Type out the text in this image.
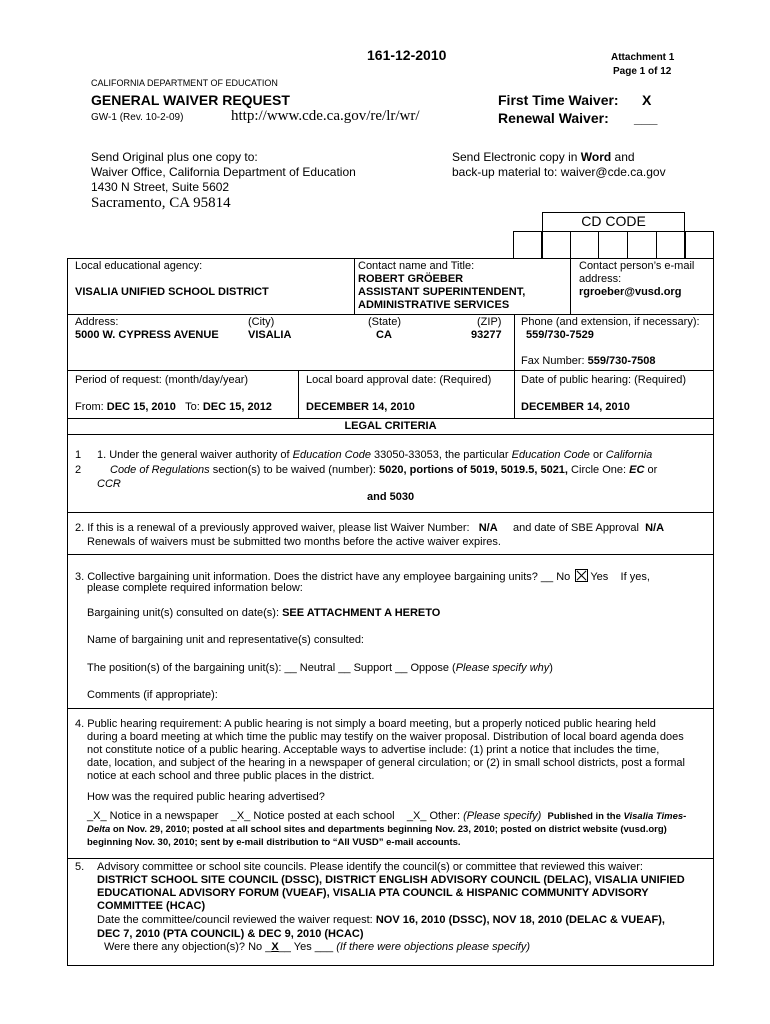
161-12-2010	Attachment 1
Page 1 of 12
CALIFORNIA DEPARTMENT OF EDUCATION
GENERAL WAIVER REQUEST
GW-1 (Rev. 10-2-09)	http://www.cde.ca.gov/re/lr/wr/
First Time Waiver: X
Renewal Waiver: ___
Send Original plus one copy to:
Waiver Office, California Department of Education
1430 N Street, Suite 5602
Sacramento, CA 95814
Send Electronic copy in Word and
back-up material to: waiver@cde.ca.gov
CD CODE
Local educational agency:
VISALIA UNIFIED SCHOOL DISTRICT
Contact name and Title:
ROBERT GRÖEBER
ASSISTANT SUPERINTENDENT,
ADMINISTRATIVE SERVICES
Contact person’s e-mail
address:
rgroeber@vusd.org
Address:
5000 W. CYPRESS AVENUE
(City)
VISALIA
(State)
CA
(ZIP)
93277
Phone (and extension, if necessary):
559/730-7529
Fax Number: 559/730-7508
Period of request: (month/day/year)
From: DEC 15, 2010 To: DEC 15, 2012
Local board approval date: (Required)
DECEMBER 14, 2010
Date of public hearing: (Required)
DECEMBER 14, 2010
LEGAL CRITERIA
1
2
1. Under the general waiver authority of Education Code 33050-33053, the particular Education Code or California
Code of Regulations section(s) to be waived (number): 5020, portions of 5019, 5019.5, 5021, Circle One: EC or
CCR
and 5030
2. If this is a renewal of a previously approved waiver, please list Waiver Number: N/A and date of SBE Approval N/A
Renewals of waivers must be submitted two months before the active waiver expires.
3. Collective bargaining unit information. Does the district have any employee bargaining units? __ No Yes If yes,
please complete required information below:
Bargaining unit(s) consulted on date(s): SEE ATTACHMENT A HERETO
Name of bargaining unit and representative(s) consulted:
The position(s) of the bargaining unit(s): __ Neutral __ Support __ Oppose (Please specify why)
Comments (if appropriate):
4. Public hearing requirement: A public hearing is not simply a board meeting, but a properly noticed public hearing held
during a board meeting at which time the public may testify on the waiver proposal. Distribution of local board agenda does
not constitute notice of a public hearing. Acceptable ways to advertise include: (1) print a notice that includes the time,
date, location, and subject of the hearing in a newspaper of general circulation; or (2) in small school districts, post a formal
notice at each school and three public places in the district.
How was the required public hearing advertised?
_X_ Notice in a newspaper _X_ Notice posted at each school _X_ Other: (Please specify) Published in the Visalia Times-
Delta on Nov. 29, 2010; posted at all school sites and departments beginning Nov. 23, 2010; posted on district website (vusd.org)
beginning Nov. 30, 2010; sent by e-mail distribution to “All VUSD” e-mail accounts.
5. Advisory committee or school site councils. Please identify the council(s) or committee that reviewed this waiver:
DISTRICT SCHOOL SITE COUNCIL (DSSC), DISTRICT ENGLISH ADVISORY COUNCIL (DELAC), VISALIA UNIFIED
EDUCATIONAL ADVISORY FORUM (VUEAF), VISALIA PTA COUNCIL & HISPANIC COMMUNITY ADVISORY
COMMITTEE (HCAC)
Date the committee/council reviewed the waiver request: NOV 16, 2010 (DSSC), NOV 18, 2010 (DELAC & VUEAF),
DEC 7, 2010 (PTA COUNCIL) & DEC 9, 2010 (HCAC)
Were there any objection(s)? No _X__ Yes ___ (If there were objections please specify)
